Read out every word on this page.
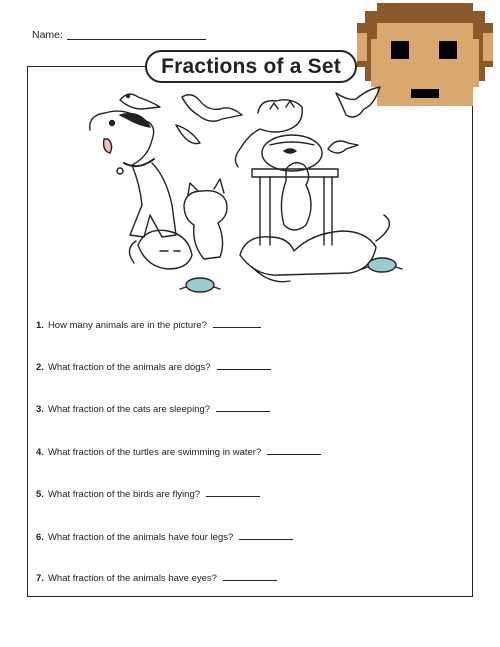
Name:
Fractions of a Set
1. How many animals are in the picture?
2. What fraction of the animals are dogs?
3. What fraction of the cats are sleeping?
4. What fraction of the turtles are swimming in water?
5. What fraction of the birds are flying?
6. What fraction of the animals have four legs?
7. What fraction of the animals have eyes?
